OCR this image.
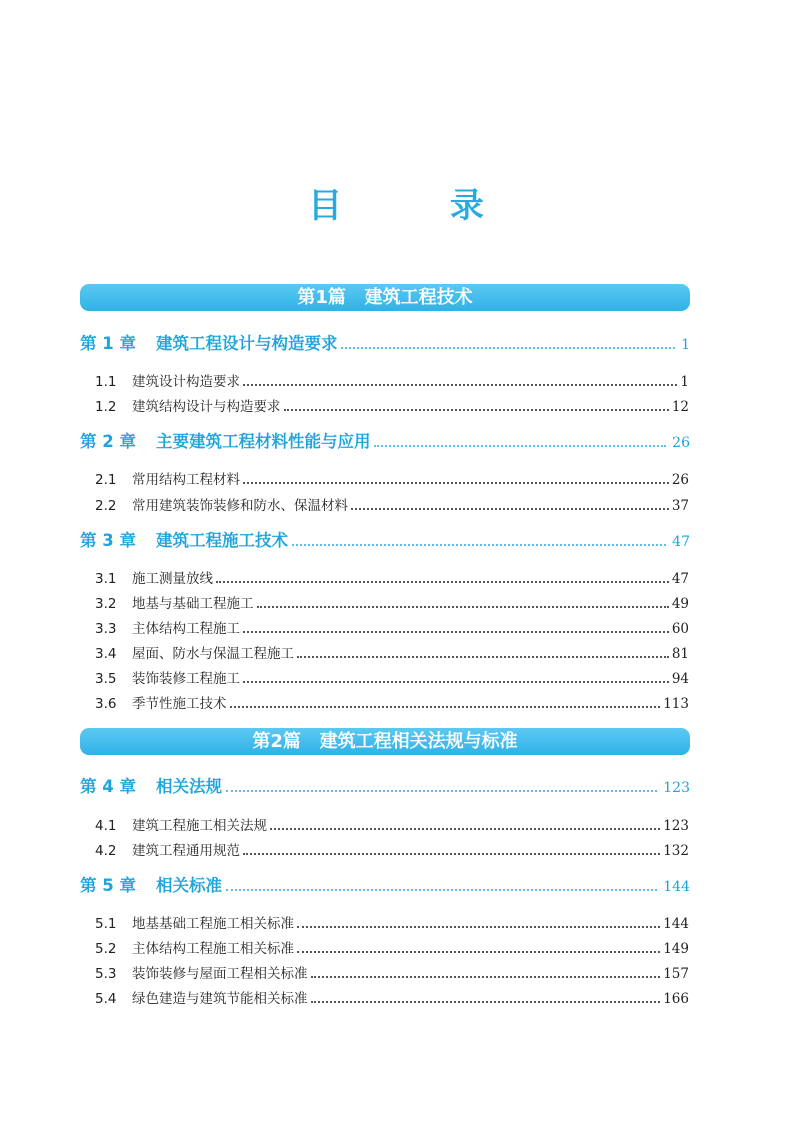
目 录
第1篇 建筑工程技术
第 1 章 建筑工程设计与构造要求	1
1.1	建筑设计构造要求	1
1.2	建筑结构设计与构造要求	12
第 2 章 主要建筑工程材料性能与应用	26
2.1	常用结构工程材料	26
2.2	常用建筑装饰装修和防水、保温材料	37
第 3 章 建筑工程施工技术	47
3.1	施工测量放线	47
3.2	地基与基础工程施工	49
3.3	主体结构工程施工	60
3.4	屋面、防水与保温工程施工	81
3.5	装饰装修工程施工	94
3.6	季节性施工技术	113
第2篇 建筑工程相关法规与标准
第 4 章 相关法规	123
4.1	建筑工程施工相关法规	123
4.2	建筑工程通用规范	132
第 5 章 相关标准	144
5.1	地基基础工程施工相关标准	144
5.2	主体结构工程施工相关标准	149
5.3	装饰装修与屋面工程相关标准	157
5.4	绿色建造与建筑节能相关标准	166
